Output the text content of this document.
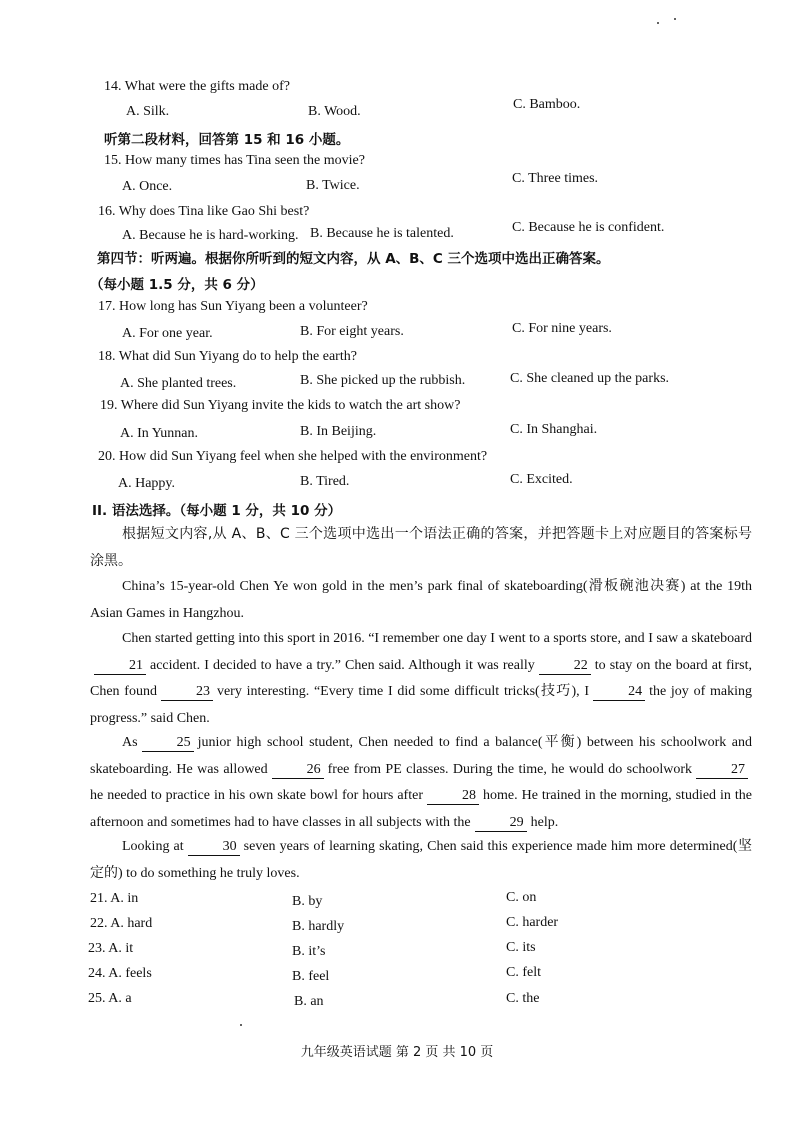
14. What were the gifts made of?
A. Silk.	B. Wood.	C. Bamboo.
听第二段材料，回答第 15 和 16 小题。
15. How many times has Tina seen the movie?
A. Once.	B. Twice.	C. Three times.
16. Why does Tina like Gao Shi best?
A. Because he is hard-working. B. Because he is talented.	C. Because he is confident.
第四节：听两遍。根据你所听到的短文内容，从 A、B、C 三个选项中选出正确答案。
（每小题 1.5 分，共 6 分）
17. How long has Sun Yiyang been a volunteer?
A. For one year.	B. For eight years.	C. For nine years.
18. What did Sun Yiyang do to help the earth?
A. She planted trees.	B. She picked up the rubbish.	C. She cleaned up the parks.
19. Where did Sun Yiyang invite the kids to watch the art show?
A. In Yunnan.	B. In Beijing.	C. In Shanghai.
20. How did Sun Yiyang feel when she helped with the environment?
A. Happy.	B. Tired.	C. Excited.
II. 语法选择。（每小题 1 分，共 10 分）
根据短文内容,从 A、B、C 三个选项中选出一个语法正确的答案，并把答题卡上对应题目的答案标号涂黑。
China’s 15-year-old Chen Ye won gold in the men’s park final of skateboarding(滑板碗池决赛) at the 19th Asian Games in Hangzhou.
Chen started getting into this sport in 2016. “I remember one day I went to a sports store, and I saw a skateboard21 accident. I decided to have a try.” Chen said. Although it was really	22 to stay on the board at first, Chen found	23 very interesting. “Every time I did some difficult tricks(技巧), I	24 the joy of making progress.” said Chen.
As	25 junior high school student, Chen needed to find a balance(平衡) between his schoolwork and skateboarding. He was allowed	26 free from PE classes. During the time, he would do schoolwork	27he needed to practice in his own skate bowl for hours after	28 home. He trained in the morning, studied in the afternoon and sometimes had to have classes in all subjects with the	29 help.
Looking at	30 seven years of learning skating, Chen said this experience made him more determined(坚定的) to do something he truly loves.
21. A. in	B. by	C. on
22. A. hard	B. hardly	C. harder
23. A. it	B. it’s	C. its
24. A. feels	B. feel	C. felt
25. A. a	B. an	C. the
九年级英语试题 第 2 页 共 10 页
